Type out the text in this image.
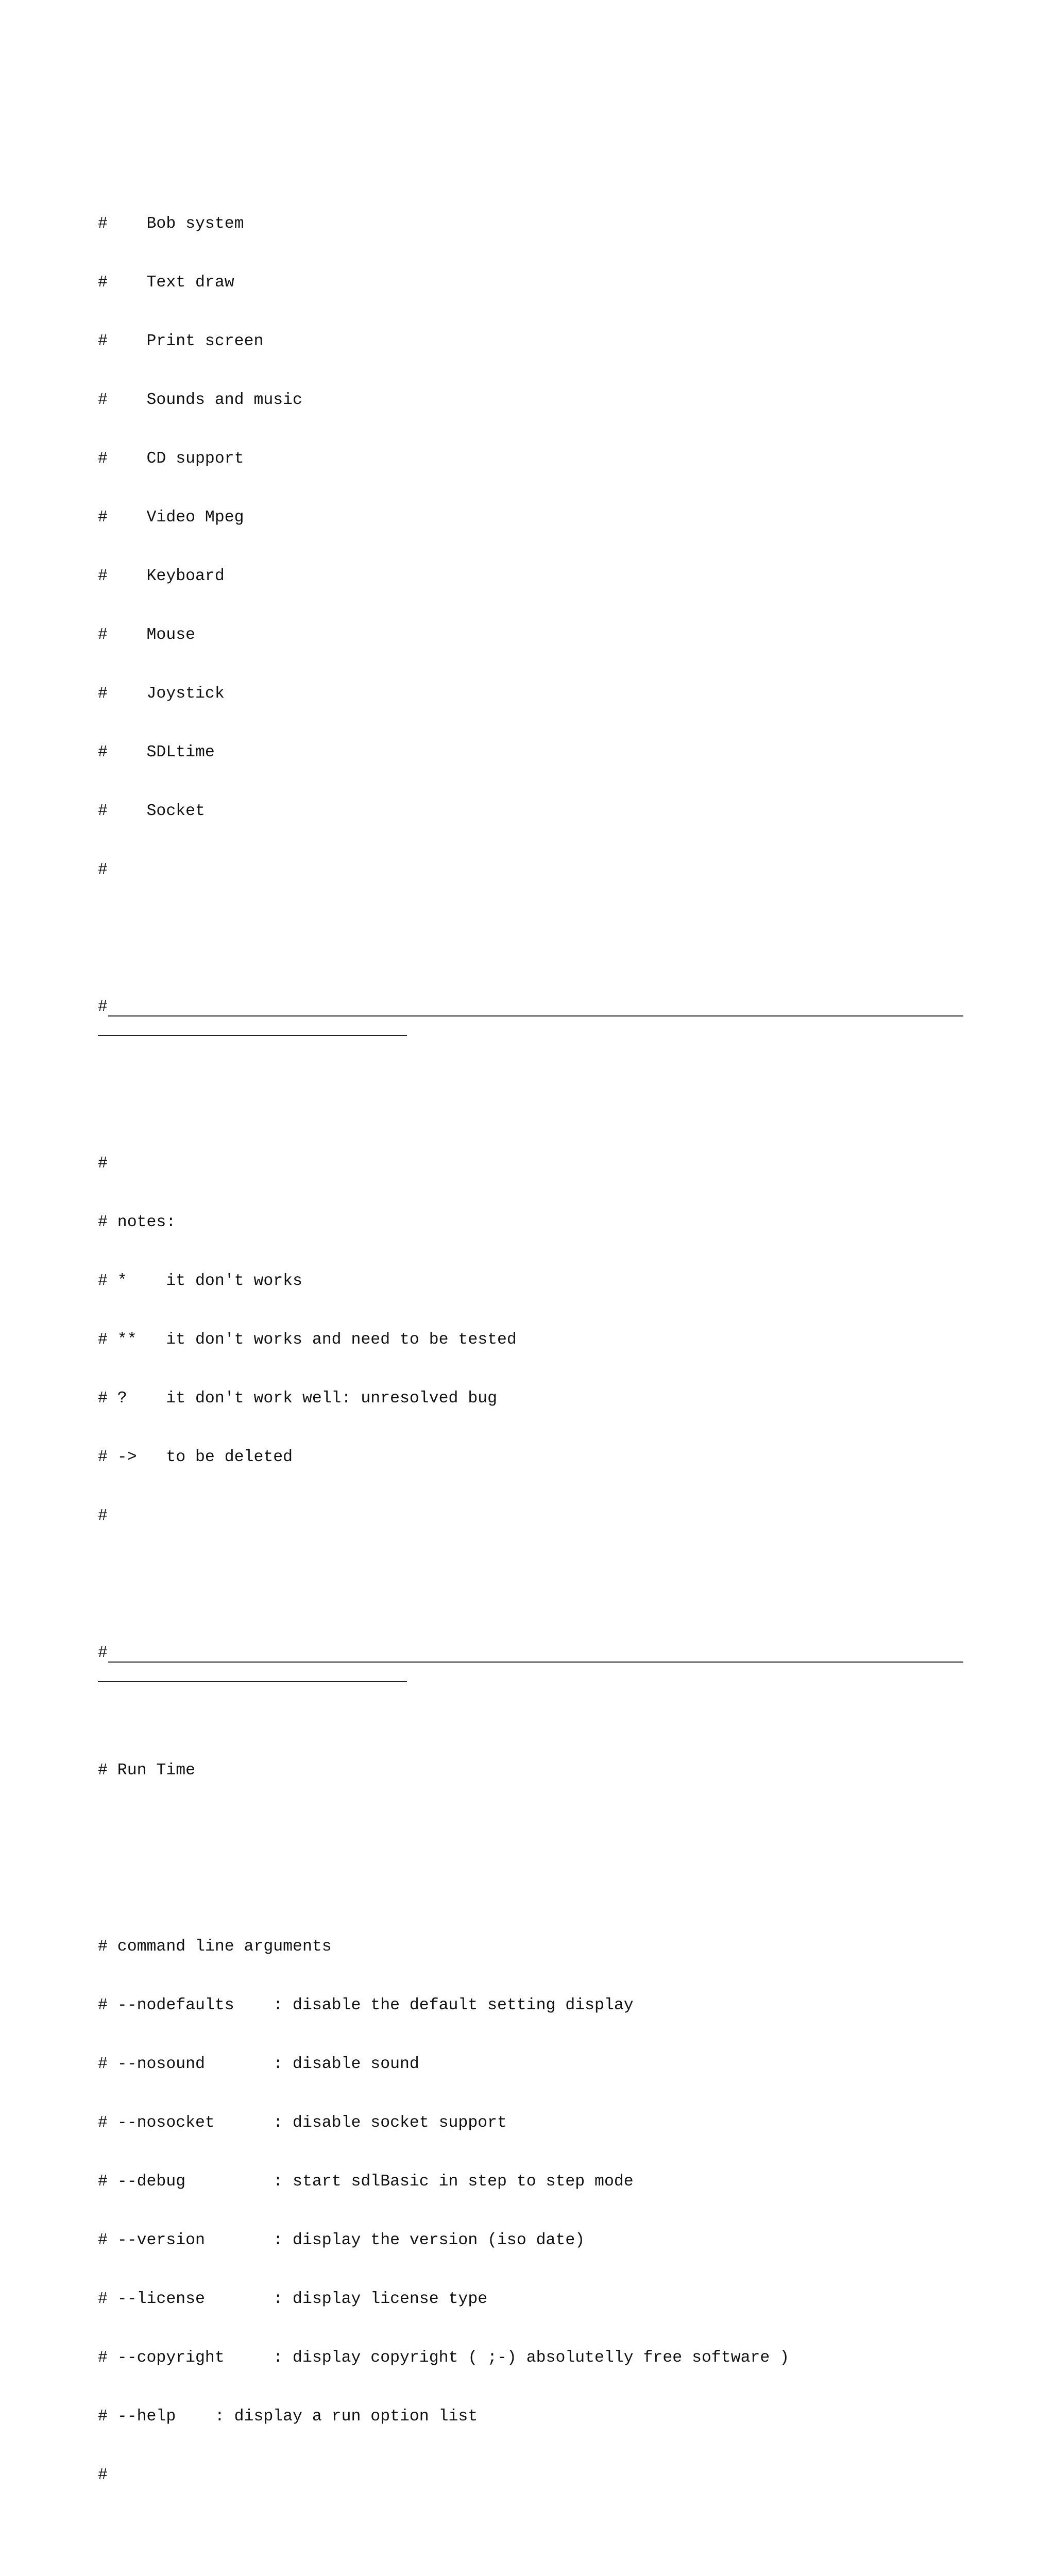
#    Bob system

#    Text draw

#    Print screen

#    Sounds and music

#    CD support

#    Video Mpeg

#    Keyboard

#    Mouse

#    Joystick

#    SDLtime

#    Socket

#

#

#

# notes:

# *    it don't works

# **   it don't works and need to be tested

# ?    it don't work well: unresolved bug

# ->   to be deleted

#

#

# Run Time

# command line arguments

# --nodefaults    : disable the default setting display

# --nosound       : disable sound

# --nosocket      : disable socket support

# --debug         : start sdlBasic in step to step mode

# --version       : display the version (iso date)

# --license       : display license type

# --copyright     : display copyright ( ;-) absolutelly free software )

# --help    : display a run option list

#
